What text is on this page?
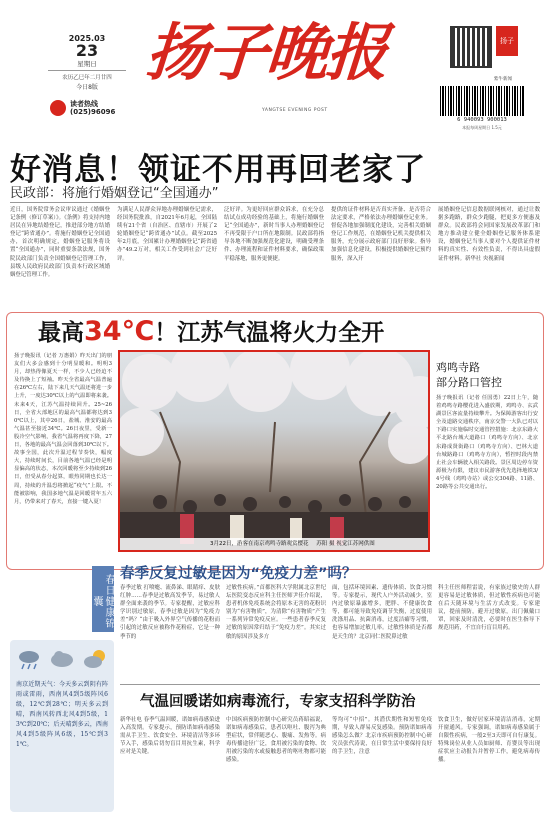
2025.03
23
星期日
农历乙巳年二月廿四
今日8版
读者热线
(025)96096
扬子晚报
YANGTSE EVENING POST
扬子
紫牛新闻
6 940093 900013
本报每周星期日 1.5元
好消息！领证不用再回老家了
民政部：将施行婚姻登记“全国通办”
近日，国务院常务会议审议通过《婚姻登记条例（修订草案）》。《条例》将支持内地居民在异地结婚登记，推进部分地方结婚登记“跨省通办”。将施行婚姻登记全国通办，首次明确规定，婚姻登记服务将设置“全国通办”，同时重要条款法规，国务院民政部门负责全国婚姻登记管理工作，县级人民政府民政部门负责本行政区域婚姻登记管理工作。
为满足人民群众异地办理婚姻登记需求，经国务院批准，自2021年6月起，全国陆续有21个省（自治区、直辖市）开展了2轮婚姻登记“跨省通办”试点。截至2025年2月底，全国累计办理婚姻登记“跨省通办”49.2万对，相关工作受到社会广泛好评。
泛好评。为更好回应群众诉求，在充分总结试点成功经验的基础上，将施行婚姻登记“全国通办”，新时当事人办理婚姻登记不再受限于户口所在地限制。民政部将指导各地不断加强规范化建设，明确受理条件、办理流程和证件材料要求，确保政策平稳落地，服务更便捷。
提供的证件材料是否真实齐备、是否符合法定要求，严格依法办理婚姻登记业务。督促各地加强制度化建设，完善相关婚姻登记工作规范，在婚姻登记机关提供相关服务，充分展示政府部门良好形象。指导加强信息化建设，积极提供婚姻登记预约服务，深入开
展婚姻登记信息数据联网核对，通过让数据多跑路，群众少跑腿，把更多方便惠及群众。民政部将会同国家发展改革部门和地方推动建立健全婚姻登记服务体系建设，婚姻登记当事人要对个人提供证件材料的真实性、有效性负责，不得出具虚假证件材料。新华社 央视新闻
最高34℃！江苏气温将火力全开
扬子晚报讯（记者 万惠娟）昨天出门的朋友们大多会感到十分明显暖和。明明3月，却热得像夏天一样，不少人已经迫不及待换上了短袖。昨天全省最高气温普遍在26℃左右，陆下来几天气温还将进一步上升，一度达30℃以上的气温即将来袭。未来4天，江苏气温持续回升。25~26日，全省大部地区的最高气温都将达到30℃以上，其中26日，盐城、淮安的最高气温甚至接近34℃。26日夜里，受新一股冷空气影响，我省气温将再度下降，27日，各地的最高气温会回落到30℃以下。故事全国，此次升温过程节奏快，幅度大，持续时间长，目前各地气温已经是明显偏高的状态，本次回暖将至少持续到26日，但受从春分起算，眼热同期也长达一周，持续的升温恐将掀起“疫气”上限。不能被影响，我国多地气温是回暖常年五六月，仍带来对了春天，直接一键入夏！
3月22日，游客在南京鸡鸣寺路观赏樱花 苏阳 摄 视觉江苏网供图
鸡鸣寺路
部分路口管控
扬子晚报讯（记者 任国勇）22日上午，随着鸡鸣寺路樱花进入盛放期，鸡鸣寺、玄武湖景区客流量持续攀升。为保障游客出行安全及道路交通秩序，南京交警一大队已对以下路口实施临时交通管控措施：北京东路大平北路台城大道路口（鸡鸣寺方向）、北京东路成贤街路口（鸡鸣寺方向）、巴林大道台城路路口（鸡鸣寺方向），暂控时段内禁止社会车辆驶入相关路段。景区周边停车资源极为有限，建议市民游客优先选择地铁3/4号线（鸡鸣寺站）或公交304路、11路、20路等公共交通出行。
春日健康锦囊
春季反复过敏是因为“免疫力差”吗？
春季过敏 打喷嚏、流鼻涕、眼睛痒、皮肤红肿……春季是过敏高发季节，易过敏人群全面来袭的季节。专家提醒，过敏应科学识别过敏原，春季过敏是因为“免疫力差”吗？“由于吸入外界空气传播的花粉而引起的过敏反应被称作花粉症，它是一种季节的
过敏性疾病。”首都医科大学附属北京世纪坛医院变态反应科主任医师尹佳介绍说，患者机体免疫系统会将原本无害的花粉识别为“有害物质”，为清除“有害物质”产生一系列异常免疫反应。一些患者春季反复过敏的原因常归结于“免疫力差”。其实过敏的原因涉及多方
面，包括环境因素、遗传体质、饮食习惯等。专家提示，现代人户外活动减少，室内过敏原暴露增多，肥胖、不健康饮食等，都可能导致免疫调节失衡，过度使用洗涤用品、抗菌消毒，过度洁癖等习惯，也容易增加过敏几率。过敏性体质是否都是天生的？北京同仁医院鼻过敏
科主任医师程雷说，有家族过敏史的人群更容易是过敏体质，但过敏性疾病也可能在后天随环境与生活方式改变。专家建议，提前预防，避开过敏原，出门佩戴口罩，回家及时清洗，必要时在医生指导下规范用药，不宜自行盲目用药。
南京近期天气：今天多云到阴有阵雨或雷雨，西南风4到5级阵风6级，12℃到28℃；明天多云到晴，西南风转西北风4到5级，13℃到20℃；后天晴到多云，西南风4到5级阵风6级，15℃到31℃。
气温回暖诺如病毒流行，专家支招科学防治
新华社电 春季气温回暖，诺如病毒感染进入高发期。专家提示，预防诺如病毒感染需从手卫生、饮食安全、环境清洁等多环节入手，感染后切勿盲目用抗生素，科学应对是关键。
中国疾病预防控制中心研究员蒋昭福说，诺如病毒感染后，患者以呕吐、腹泻为典型症状，常伴随恶心、腹痛、发热等。病毒传播途径广泛，食用被污染的食物、饮用被污染的水或接触患者的呕吐物都可能感染。
等均可“中招”。其潜伏期性和短暂免疫期，导致人群易反复感染。预防诺如病毒感染怎么做？北京市疾病预防控制中心研究员张代涛说，在日常生活中要保持良好的手卫生，注意
饮食卫生，做好居家环境清洁消毒，定期开窗通风。专家强调，诺如病毒感染属于自限性疾病，一般2至3天即可自行康复。特殊岗位从业人员如厨师、育婴员等出现症状应主动报告并暂停工作，避免病毒传播。
